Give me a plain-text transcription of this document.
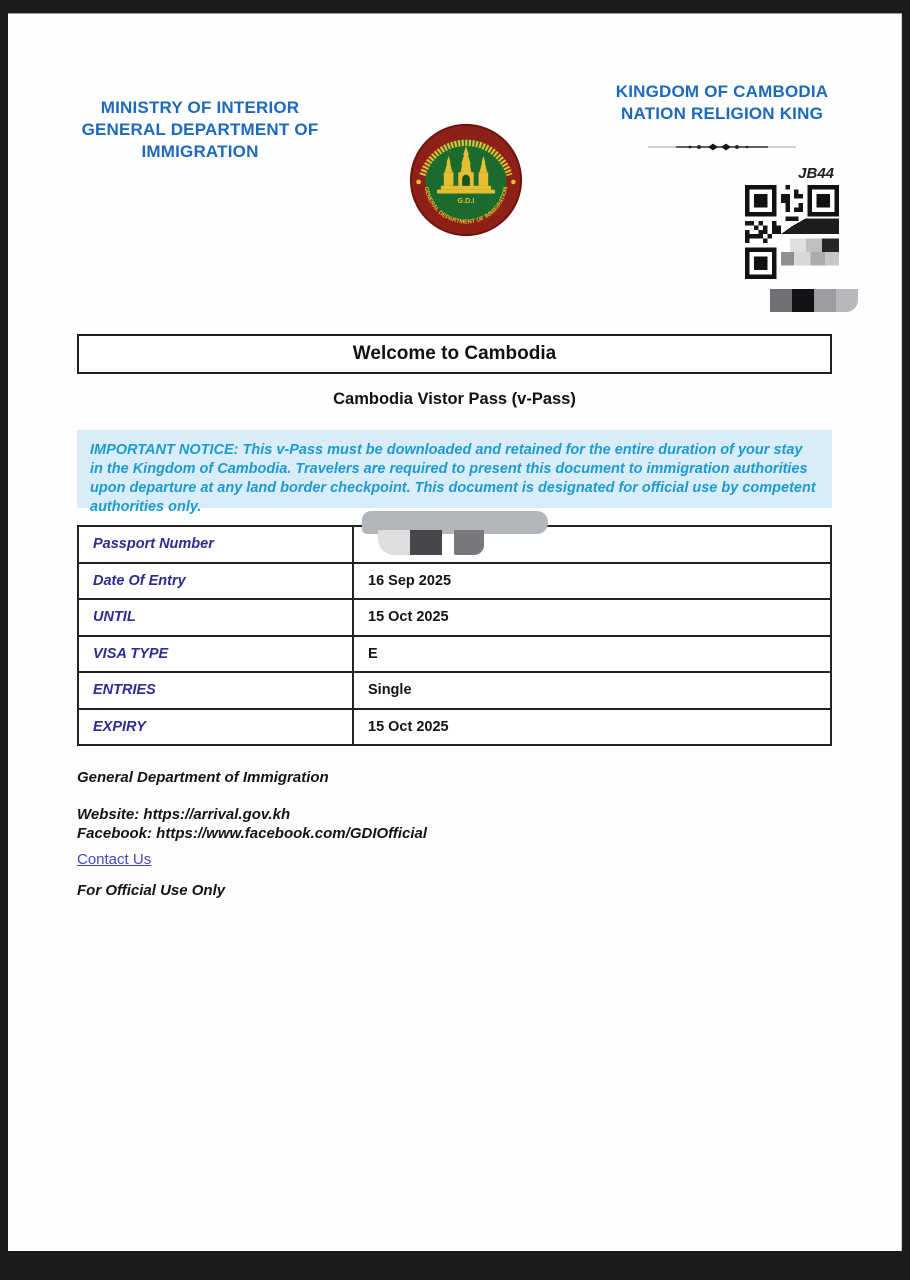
MINISTRY OF INTERIOR
GENERAL DEPARTMENT OF
IMMIGRATION
KINGDOM OF CAMBODIA
NATION RELIGION KING
G.D.I
GENERAL DEPARTMENT OF IMMIGRATION
JB44
Welcome to Cambodia
Cambodia Vistor Pass (v-Pass)
IMPORTANT NOTICE: This v-Pass must be downloaded and retained for the entire duration of your stay in the Kingdom of Cambodia. Travelers are required to present this document to immigration authorities upon departure at any land border checkpoint. This document is designated for official use by competent authorities only.
Passport Number
Date Of Entry	16 Sep 2025
UNTIL	15 Oct 2025
VISA TYPE	E
ENTRIES	Single
EXPIRY	15 Oct 2025
General Department of Immigration
Website: https://arrival.gov.kh
Facebook: https://www.facebook.com/GDIOfficial
Contact Us
For Official Use Only
